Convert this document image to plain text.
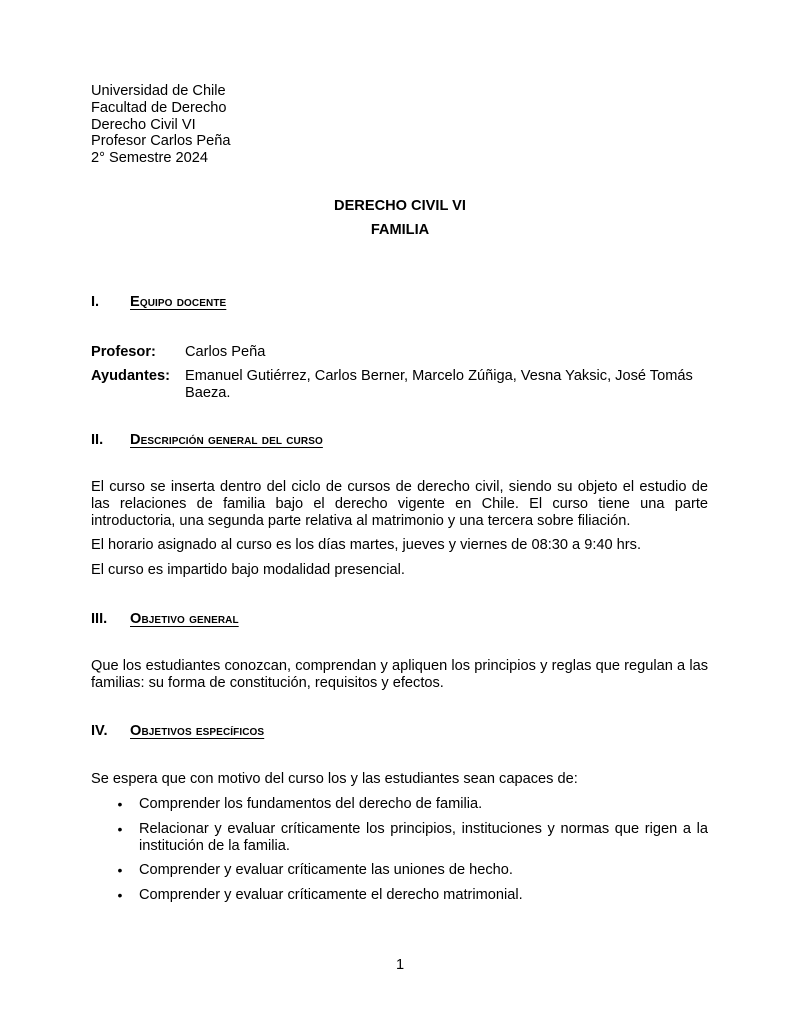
Universidad de Chile
Facultad de Derecho
Derecho Civil VI
Profesor Carlos Peña
2° Semestre 2024
DERECHO CIVIL VI
FAMILIA
I. Equipo docente
Profesor: Carlos Peña
Ayudantes: Emanuel Gutiérrez, Carlos Berner, Marcelo Zúñiga, Vesna Yaksic, José Tomás Baeza.
II. Descripción general del curso
El curso se inserta dentro del ciclo de cursos de derecho civil, siendo su objeto el estudio de las relaciones de familia bajo el derecho vigente en Chile. El curso tiene una parte introductoria, una segunda parte relativa al matrimonio y una tercera sobre filiación.
El horario asignado al curso es los días martes, jueves y viernes de 08:30 a 9:40 hrs.
El curso es impartido bajo modalidad presencial.
III. Objetivo general
Que los estudiantes conozcan, comprendan y apliquen los principios y reglas que regulan a las familias: su forma de constitución, requisitos y efectos.
IV. Objetivos específicos
Se espera que con motivo del curso los y las estudiantes sean capaces de:
• Comprender los fundamentos del derecho de familia.
• Relacionar y evaluar críticamente los principios, instituciones y normas que rigen a la institución de la familia.
• Comprender y evaluar críticamente las uniones de hecho.
• Comprender y evaluar críticamente el derecho matrimonial.
1
